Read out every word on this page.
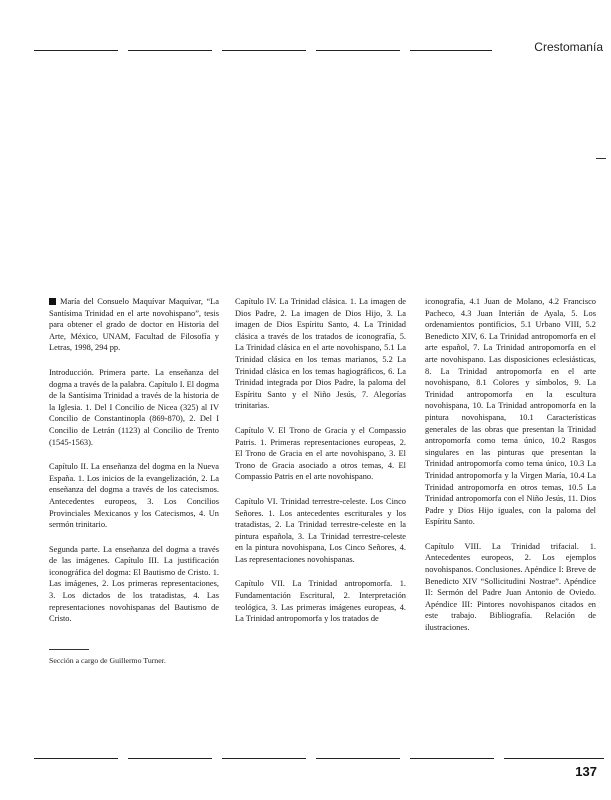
Crestomanía

María del Consuelo Maquívar Maquívar, “La Santísima Trinidad en el arte novohispano”, tesis para obtener el grado de doctor en Historia del Arte, México, UNAM, Facultad de Filosofía y Letras, 1998, 294 pp.

Introducción. Primera parte. La enseñanza del dogma a través de la palabra. Capítulo I. El dogma de la Santísima Trinidad a través de la historia de la Iglesia. 1. Del I Concilio de Nicea (325) al IV Concilio de Constantinopla (869-870), 2. Del I Concilio de Letrán (1123) al Concilio de Trento (1545-1563).

Capítulo II. La enseñanza del dogma en la Nueva España. 1. Los inicios de la evangelización, 2. La enseñanza del dogma a través de los catecismos. Antecedentes europeos, 3. Los Concilios Provinciales Mexicanos y los Catecismos, 4. Un sermón trinitario.

Segunda parte. La enseñanza del dogma a través de las imágenes. Capítulo III. La justificación iconográfica del dogma: El Bautismo de Cristo. 1. Las imágenes, 2. Los primeras representaciones, 3. Los dictados de los tratadistas, 4. Las representaciones novohispanas del Bautismo de Cristo.

Sección a cargo de Guillermo Turner.

Capítulo IV. La Trinidad clásica. 1. La imagen de Dios Padre, 2. La imagen de Dios Hijo, 3. La imagen de Dios Espíritu Santo, 4. La Trinidad clásica a través de los tratados de iconografía, 5. La Trinidad clásica en el arte novohispano, 5.1 La Trinidad clásica en los temas marianos, 5.2 La Trinidad clásica en los temas hagiográficos, 6. La Trinidad integrada por Dios Padre, la paloma del Espíritu Santo y el Niño Jesús, 7. Alegorías trinitarias.

Capítulo V. El Trono de Gracia y el Compassio Patris. 1. Primeras representaciones europeas, 2. El Trono de Gracia en el arte novohispano, 3. El Trono de Gracia asociado a otros temas, 4. El Compassio Patris en el arte novohispano.

Capítulo VI. Trinidad terrestre-celeste. Los Cinco Señores. 1. Los antecedentes escriturales y los tratadistas, 2. La Trinidad terrestre-celeste en la pintura española, 3. La Trinidad terrestre-celeste en la pintura novohispana, Los Cinco Señores, 4. Las representaciones novohispanas.

Capítulo VII. La Trinidad antropomorfa. 1. Fundamentación Escritural, 2. Interpretación teológica, 3. Las primeras imágenes europeas, 4. La Trinidad antropomorfa y los tratados de

iconografía, 4.1 Juan de Molano, 4.2 Francisco Pacheco, 4.3 Juan Interián de Ayala, 5. Los ordenamientos pontificios, 5.1 Urbano VIII, 5.2 Benedicto XIV, 6. La Trinidad antropomorfa en el arte español, 7. La Trinidad antropomorfa en el arte novohispano. Las disposiciones eclesiásticas, 8. La Trinidad antropomorfa en el arte novohispano, 8.1 Colores y símbolos, 9. La Trinidad antropomorfa en la escultura novohispana, 10. La Trinidad antropomorfa en la pintura novohispana, 10.1 Características generales de las obras que presentan la Trinidad antropomorfa como tema único, 10.2 Rasgos singulares en las pinturas que presentan la Trinidad antropomorfa como tema único, 10.3 La Trinidad antropomorfa y la Virgen María, 10.4 La Trinidad antropomorfa en otros temas, 10.5 La Trinidad antropomorfa con el Niño Jesús, 11. Dios Padre y Dios Hijo iguales, con la paloma del Espíritu Santo.

Capítulo VIII. La Trinidad trifacial. 1. Antecedentes europeos, 2. Los ejemplos novohispanos. Conclusiones. Apéndice I: Breve de Benedicto XIV “Sollicitudini Nostrae”. Apéndice II: Sermón del Padre Juan Antonio de Oviedo. Apéndice III: Pintores novohispanos citados en este trabajo. Bibliografía. Relación de ilustraciones.

137
